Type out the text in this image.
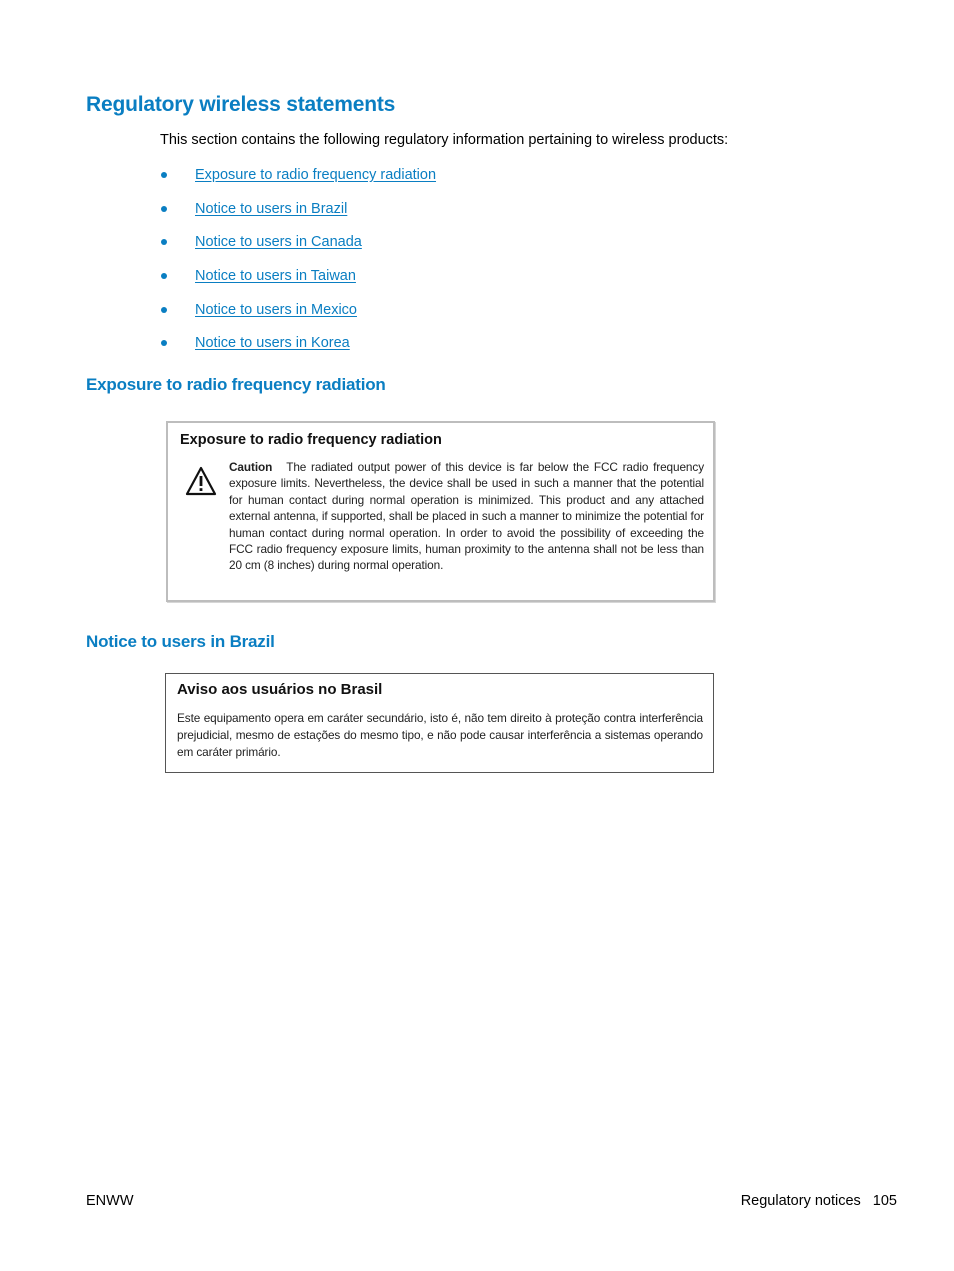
Regulatory wireless statements

This section contains the following regulatory information pertaining to wireless products:

Exposure to radio frequency radiation
Notice to users in Brazil
Notice to users in Canada
Notice to users in Taiwan
Notice to users in Mexico
Notice to users in Korea
Exposure to radio frequency radiation

Exposure to radio frequency radiation

Caution The radiated output power of this device is far below the FCC radio frequency exposure limits. Nevertheless, the device shall be used in such a manner that the potential for human contact during normal operation is minimized. This product and any attached external antenna, if supported, shall be placed in such a manner to minimize the potential for human contact during normal operation. In order to avoid the possibility of exceeding the FCC radio frequency exposure limits, human proximity to the antenna shall not be less than 20 cm (8 inches) during normal operation.

Notice to users in Brazil

Aviso aos usuários no Brasil

Este equipamento opera em caráter secundário, isto é, não tem direito à proteção contra interferência prejudicial, mesmo de estações do mesmo tipo, e não pode causar interferência a sistemas operando em caráter primário.

ENWW	Regulatory notices 105
